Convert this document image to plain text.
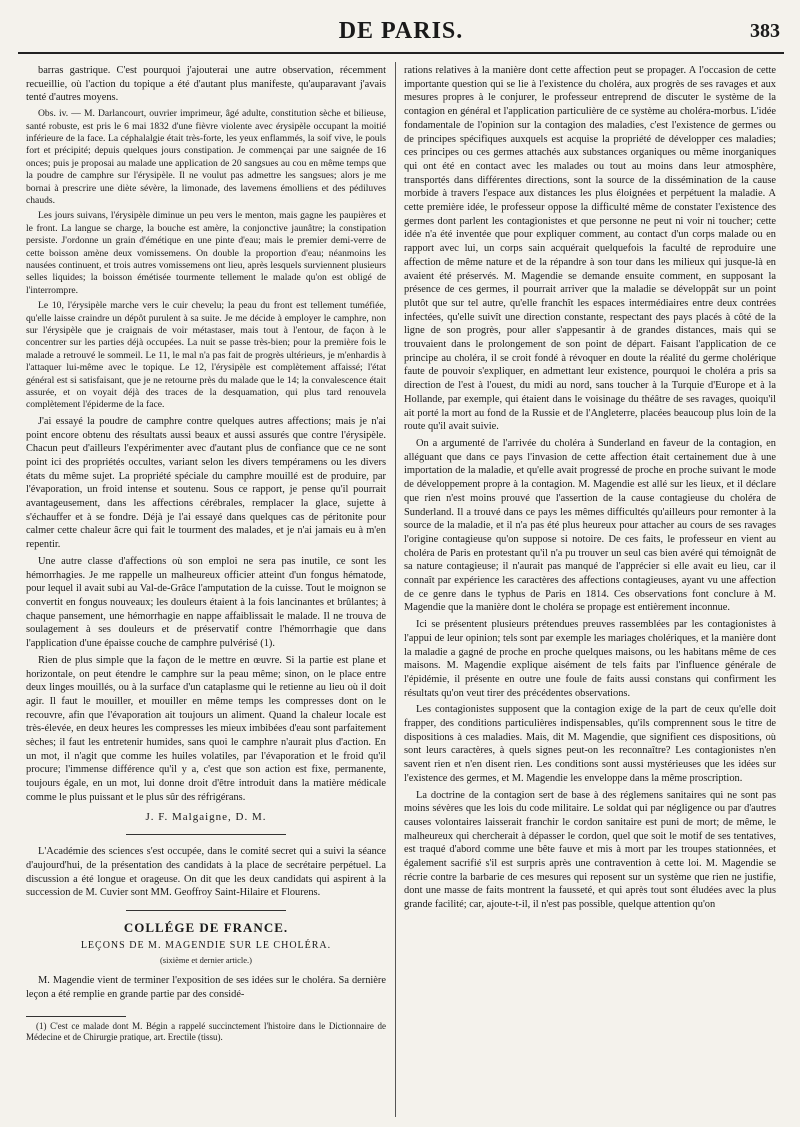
DE PARIS.	383

barras gastrique. C'est pourquoi j'ajouterai une autre observation, récemment recueillie, où l'action du topique a été d'autant plus manifeste, qu'auparavant j'avais tenté d'autres moyens.

Obs. iv. — M. Darlancourt, ouvrier imprimeur, âgé adulte, constitution sèche et bilieuse, santé robuste, est pris le 6 mai 1832 d'une fièvre violente avec érysipèle occupant la moitié inférieure de la face. La céphalalgie était très-forte, les yeux enflammés, la soif vive, le pouls fort et précipité; depuis quelques jours constipation. Je commençai par une saignée de 16 onces; puis je proposai au malade une application de 20 sangsues au cou en même temps que la poudre de camphre sur l'érysipèle. Il ne voulut pas admettre les sangsues; alors je me bornai à prescrire une diète sévère, la limonade, des lavemens émolliens et des pédiluves chauds.

Les jours suivans, l'érysipèle diminue un peu vers le menton, mais gagne les paupières et le front. La langue se charge, la bouche est amère, la conjonctive jaunâtre; la constipation persiste. J'ordonne un grain d'émétique en une pinte d'eau; mais le premier demi-verre de cette boisson amène deux vomissemens. On double la proportion d'eau; néanmoins les nausées continuent, et trois autres vomissemens ont lieu, après lesquels surviennent plusieurs selles liquides; la boisson émétisée tourmente tellement le malade qu'on est obligé de l'interrompre.

Le 10, l'érysipèle marche vers le cuir chevelu; la peau du front est tellement tuméfiée, qu'elle laisse craindre un dépôt purulent à sa suite. Je me décide à employer le camphre, non sur l'érysipèle que je craignais de voir métastaser, mais tout à l'entour, de façon à le concentrer sur les parties déjà occupées. La nuit se passe très-bien; pour la première fois le malade a retrouvé le sommeil. Le 11, le mal n'a pas fait de progrès ultérieurs, je m'enhardis à l'attaquer lui-même avec le topique. Le 12, l'érysipèle est complètement affaissé; l'état général est si satisfaisant, que je ne retourne près du malade que le 14; la convalescence était assurée, et on voyait déjà des traces de la desquamation, qui plus tard renouvela complètement l'épiderme de la face.

J'ai essayé la poudre de camphre contre quelques autres affections; mais je n'ai point encore obtenu des résultats aussi beaux et aussi assurés que contre l'érysipèle. Chacun peut d'ailleurs l'expérimenter avec d'autant plus de confiance que ce ne sont point ici des propriétés occultes, variant selon les divers tempéramens ou les divers états du même sujet. La propriété spéciale du camphre mouillé est de produire, par l'évaporation, un froid intense et soutenu. Sous ce rapport, je pense qu'il pourrait avantageusement, dans les affections cérébrales, remplacer la glace, sujette à s'échauffer et à se fondre. Déjà je l'ai essayé dans quelques cas de péritonite pour calmer cette chaleur âcre qui fait le tourment des malades, et je n'ai jamais eu à m'en repentir.

Une autre classe d'affections où son emploi ne sera pas inutile, ce sont les hémorrhagies. Je me rappelle un malheureux officier atteint d'un fongus hématode, pour lequel il avait subi au Val-de-Grâce l'amputation de la cuisse. Tout le moignon se convertit en fongus nouveaux; les douleurs étaient à la fois lancinantes et brûlantes; à chaque pansement, une hémorrhagie en nappe affaiblissait le malade. Il ne trouva de soulagement à ses douleurs et de préservatif contre l'hémorrhagie que dans l'application d'une épaisse couche de camphre pulvérisé (1).

Rien de plus simple que la façon de le mettre en œuvre. Si la partie est plane et horizontale, on peut étendre le camphre sur la peau même; sinon, on le place entre deux linges mouillés, ou à la surface d'un cataplasme qui le retienne au lieu où il doit agir. Il faut le mouiller, et mouiller en même temps les compresses dont on le recouvre, afin que l'évaporation ait toujours un aliment. Quand la chaleur locale est très-élevée, en deux heures les compresses les mieux imbibées d'eau sont parfaitement sèches; il faut les entretenir humides, sans quoi le camphre n'aurait plus d'action. En un mot, il n'agit que comme les huiles volatiles, par l'évaporation et le froid qu'il procure; l'immense différence qu'il y a, c'est que son action est fixe, permanente, toujours égale, en un mot, lui donne droit d'être introduit dans la matière médicale comme le plus puissant et le plus sûr des réfrigérans.

J. F. Malgaigne, D. M.

L'Académie des sciences s'est occupée, dans le comité secret qui a suivi la séance d'aujourd'hui, de la présentation des candidats à la place de secrétaire perpétuel. La discussion a été longue et orageuse. On dit que les deux candidats qui aspirent à la succession de M. Cuvier sont MM. Geoffroy Saint-Hilaire et Flourens.

COLLÉGE DE FRANCE.

LEÇONS DE M. MAGENDIE SUR LE CHOLÉRA.

(sixième et dernier article.)

M. Magendie vient de terminer l'exposition de ses idées sur le choléra. Sa dernière leçon a été remplie en grande partie par des considé-

(1) C'est ce malade dont M. Bégin a rappelé succinctement l'histoire dans le Dictionnaire de Médecine et de Chirurgie pratique, art. Erectile (tissu).

rations relatives à la manière dont cette affection peut se propager. A l'occasion de cette importante question qui se lie à l'existence du choléra, aux progrès de ses ravages et aux mesures propres à le conjurer, le professeur entreprend de discuter le système de la contagion en général et l'application particulière de ce système au choléra-morbus. L'idée fondamentale de l'opinion sur la contagion des maladies, c'est l'existence de germes ou de principes spécifiques auxquels est acquise la propriété de développer ces maladies; ces principes ou ces germes attachés aux substances organiques ou même inorganiques qui ont été en contact avec les malades ou tout au moins dans leur atmosphère, transportés dans différentes directions, sont la source de la dissémination de la cause morbide à travers l'espace aux distances les plus éloignées et perpétuent la maladie. A cette première idée, le professeur oppose la difficulté même de constater l'existence des germes dont parlent les contagionistes et que personne ne peut ni voir ni toucher; cette idée n'a été inventée que pour expliquer comment, au contact d'un corps malade ou en rapport avec lui, un corps sain acquérait quelquefois la faculté de reproduire une affection de même nature et de la répandre à son tour dans les milieux qui jusque-là en avaient été préservés. M. Magendie se demande ensuite comment, en supposant la présence de ces germes, il pourrait arriver que la maladie se développât sur un point plutôt que sur tel autre, qu'elle franchît les espaces intermédiaires entre deux contrées infectées, qu'elle suivît une direction constante, respectant des pays placés à côté de la ligne de son progrès, pour aller s'appesantir à de grandes distances, mais qui se trouvaient dans le prolongement de son point de départ. Faisant l'application de ce principe au choléra, il se croit fondé à révoquer en doute la réalité du germe cholérique faute de pouvoir s'expliquer, en admettant leur existence, pourquoi le choléra a pris sa direction de l'est à l'ouest, du midi au nord, sans toucher à la Turquie d'Europe et à la Hollande, par exemple, qui étaient dans le voisinage du théâtre de ses ravages, quoiqu'il ait porté la mort au fond de la Russie et de l'Angleterre, placées beaucoup plus loin de la route qu'il avait suivie.

On a argumenté de l'arrivée du choléra à Sunderland en faveur de la contagion, en alléguant que dans ce pays l'invasion de cette affection était certainement due à une importation de la maladie, et qu'elle avait progressé de proche en proche suivant le mode de développement propre à la contagion. M. Magendie est allé sur les lieux, et il déclare que rien n'est moins prouvé que l'assertion de la cause contagieuse du choléra de Sunderland. Il a trouvé dans ce pays les mêmes difficultés qu'ailleurs pour remonter à la source de la maladie, et il n'a pas été plus heureux pour attacher au cours de ses ravages l'origine contagieuse qu'on suppose si notoire. De ces faits, le professeur en vient au choléra de Paris en protestant qu'il n'a pu trouver un seul cas bien avéré qui témoignât de sa nature contagieuse; il n'aurait pas manqué de l'apprécier si elle avait eu lieu, car il connaît par expérience les caractères des affections contagieuses, ayant vu une affection de ce genre dans le typhus de Paris en 1814. Ces observations font conclure à M. Magendie que la manière dont le choléra se propage est entièrement inconnue.

Ici se présentent plusieurs prétendues preuves rassemblées par les contagionistes à l'appui de leur opinion; tels sont par exemple les mariages cholériques, et la manière dont la maladie a gagné de proche en proche quelques maisons, ou les habitans même de ces maisons. M. Magendie explique aisément de tels faits par l'influence générale de l'épidémie, il présente en outre une foule de faits aussi constans qui confirment les résultats qu'on veut tirer des précédentes observations.

Les contagionistes supposent que la contagion exige de la part de ceux qu'elle doit frapper, des conditions particulières indispensables, qu'ils comprennent sous le titre de dispositions à ces maladies. Mais, dit M. Magendie, que signifient ces dispositions, où sont leurs caractères, à quels signes peut-on les reconnaître? Les contagionistes n'en savent rien et n'en disent rien. Les conditions sont aussi mystérieuses que les idées sur l'existence des germes, et M. Magendie les enveloppe dans la même proscription.

La doctrine de la contagion sert de base à des réglemens sanitaires qui ne sont pas moins sévères que les lois du code militaire. Le soldat qui par négligence ou par d'autres causes volontaires laisserait franchir le cordon sanitaire est puni de mort; de même, le malheureux qui chercherait à dépasser le cordon, quel que soit le motif de ses tentatives, est traqué d'abord comme une bête fauve et mis à mort par les troupes stationnées, et également sacrifié s'il est surpris après une contravention à cette loi. M. Magendie se récrie contre la barbarie de ces mesures qui reposent sur un système que rien ne justifie, dont une masse de faits montrent la fausseté, et qui après tout sont éludées avec la plus grande facilité; car, ajoute-t-il, il n'est pas possible, quelque attention qu'on
